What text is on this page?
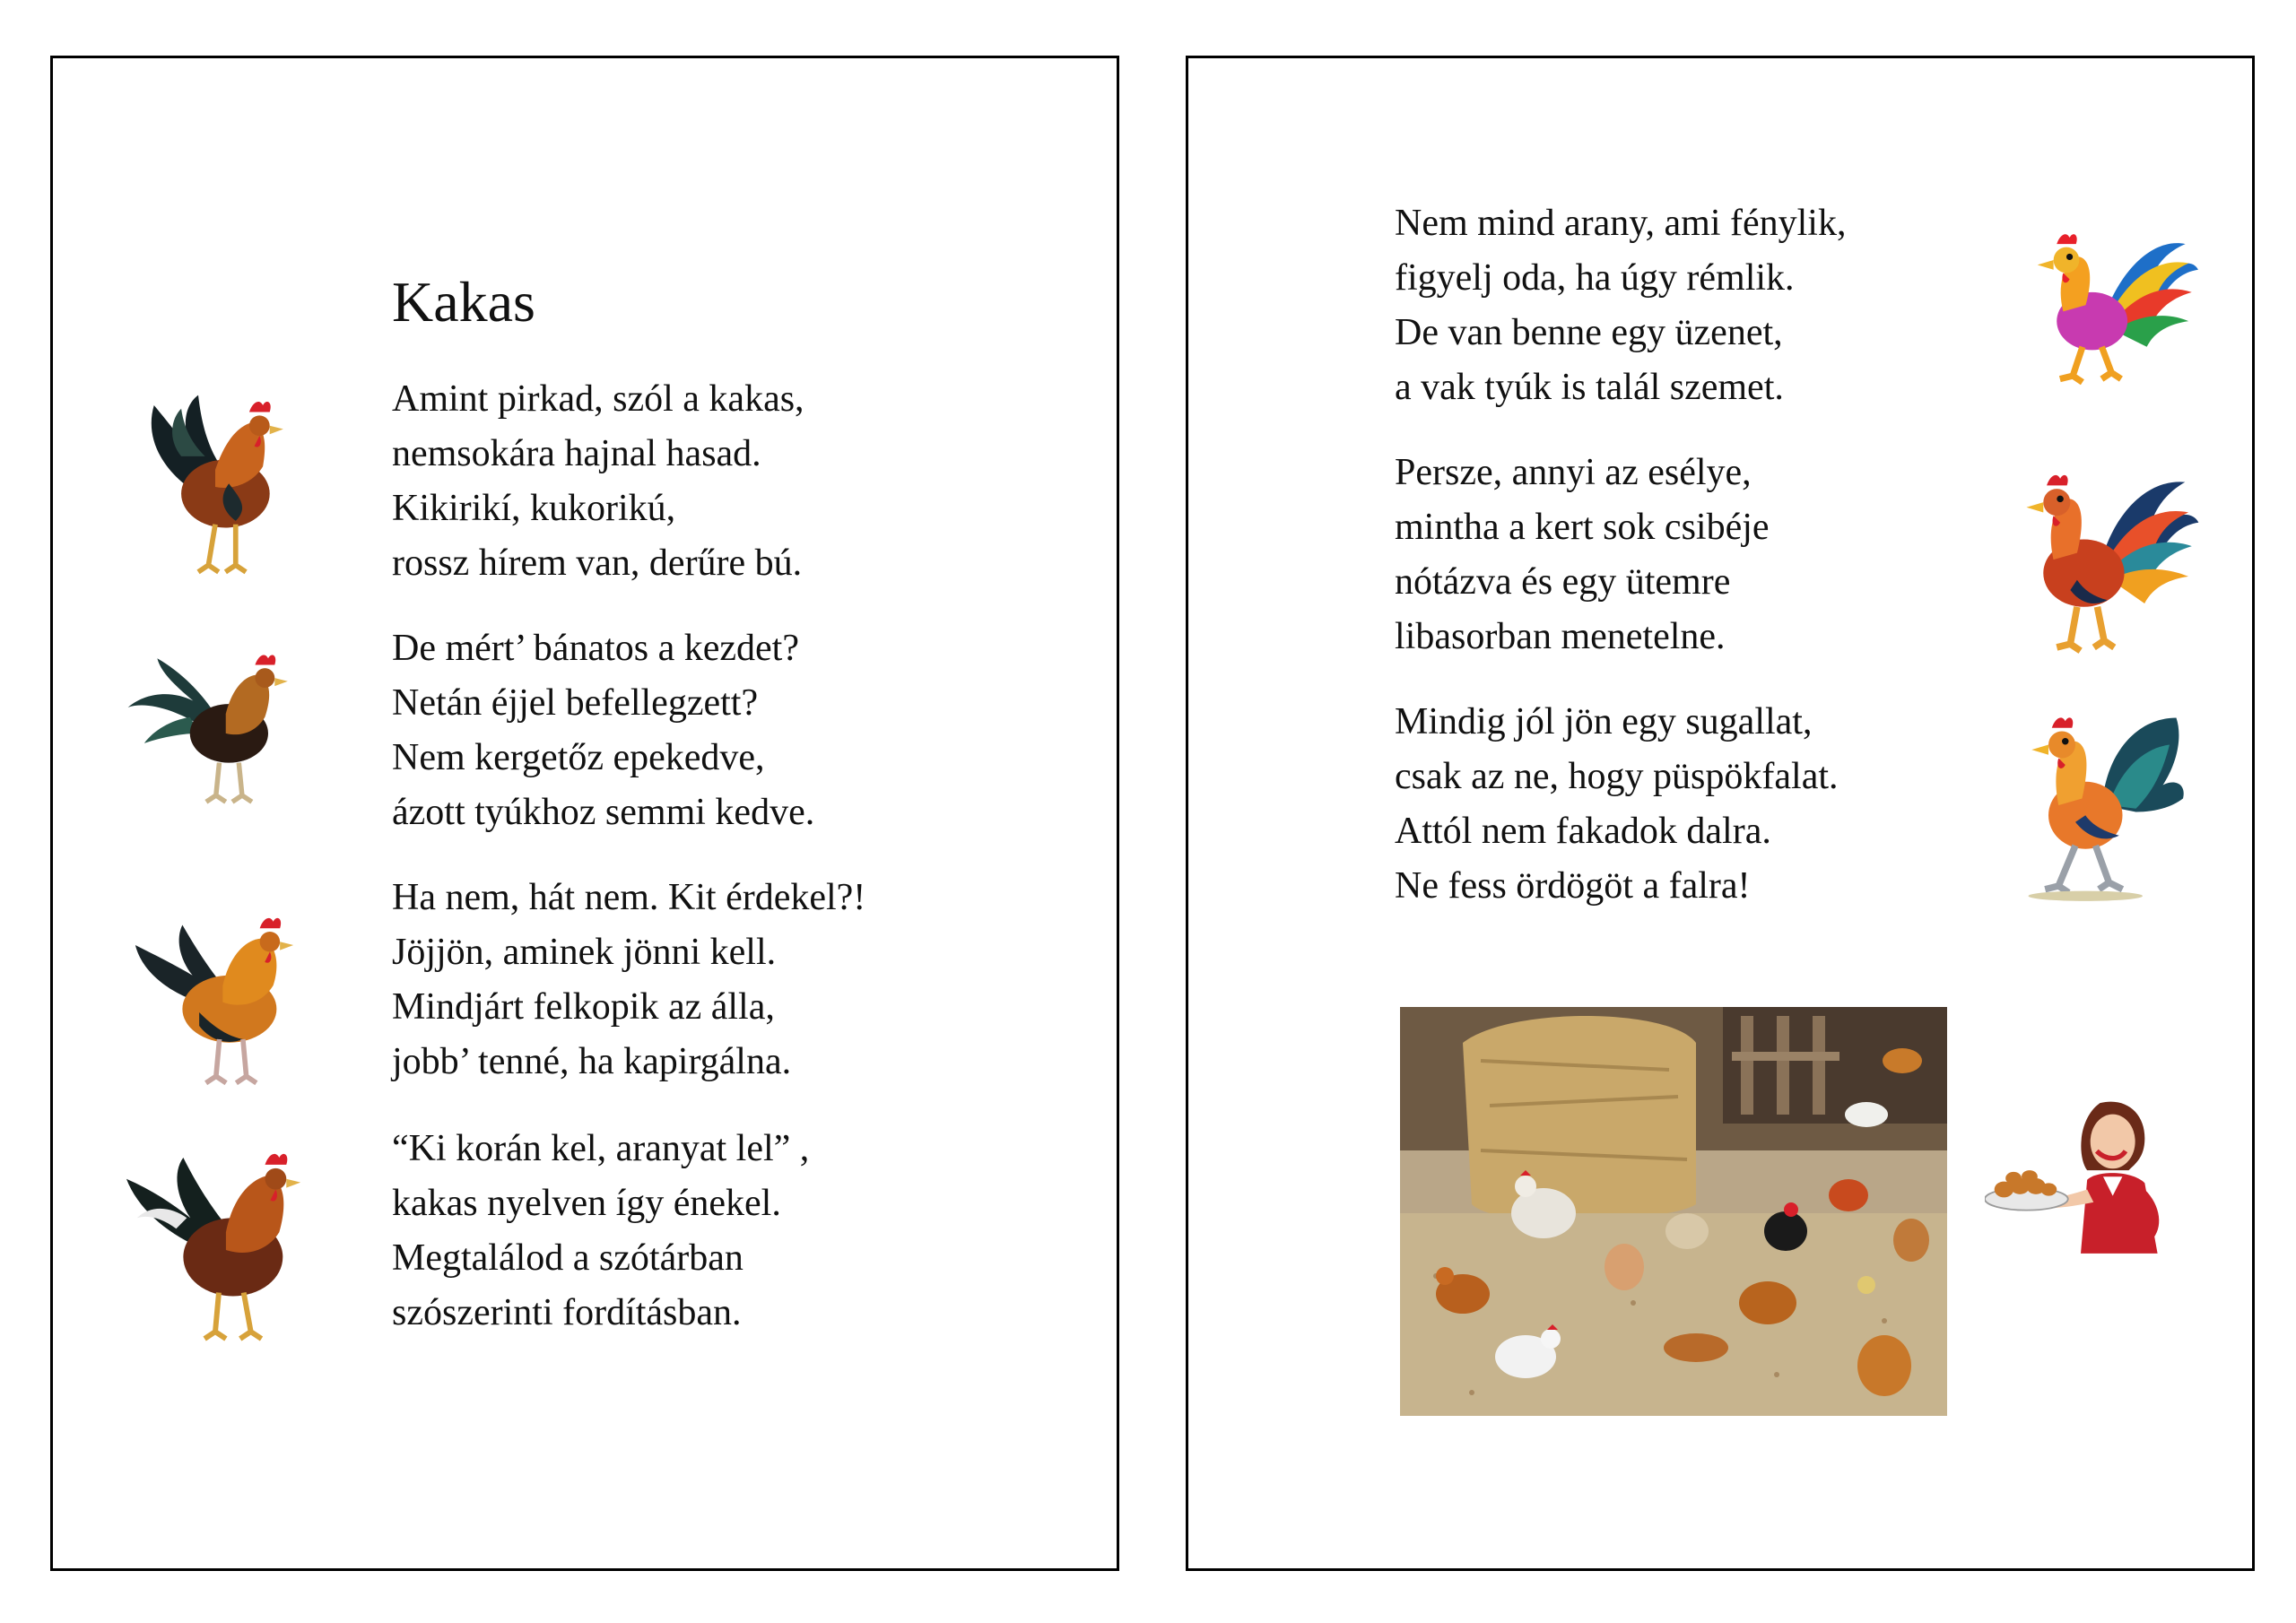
Kakas
Amint pirkad, szól a kakas,
nemsokára hajnal hasad.
Kikirikí, kukorikú,
rossz hírem van, derűre bú.
De mért’ bánatos a kezdet?
Netán éjjel befellegzett?
Nem kergetőz epekedve,
ázott tyúkhoz semmi kedve.
Ha nem, hát nem. Kit érdekel?!
Jöjjön, aminek jönni kell.
Mindjárt felkopik az álla,
jobb’ tenné, ha kapirgálna.
“Ki korán kel, aranyat lel” ,
kakas nyelven így énekel.
Megtalálod a szótárban
szószerinti fordításban.
Nem mind arany, ami fénylik,
figyelj oda, ha úgy rémlik.
De van benne egy üzenet,
a vak tyúk is talál szemet.
Persze, annyi az esélye,
mintha a kert sok csibéje
nótázva és egy ütemre
libasorban menetelne.
Mindig jól jön egy sugallat,
csak az ne, hogy püspökfalat.
Attól nem fakadok dalra.
Ne fess ördögöt a falra!
